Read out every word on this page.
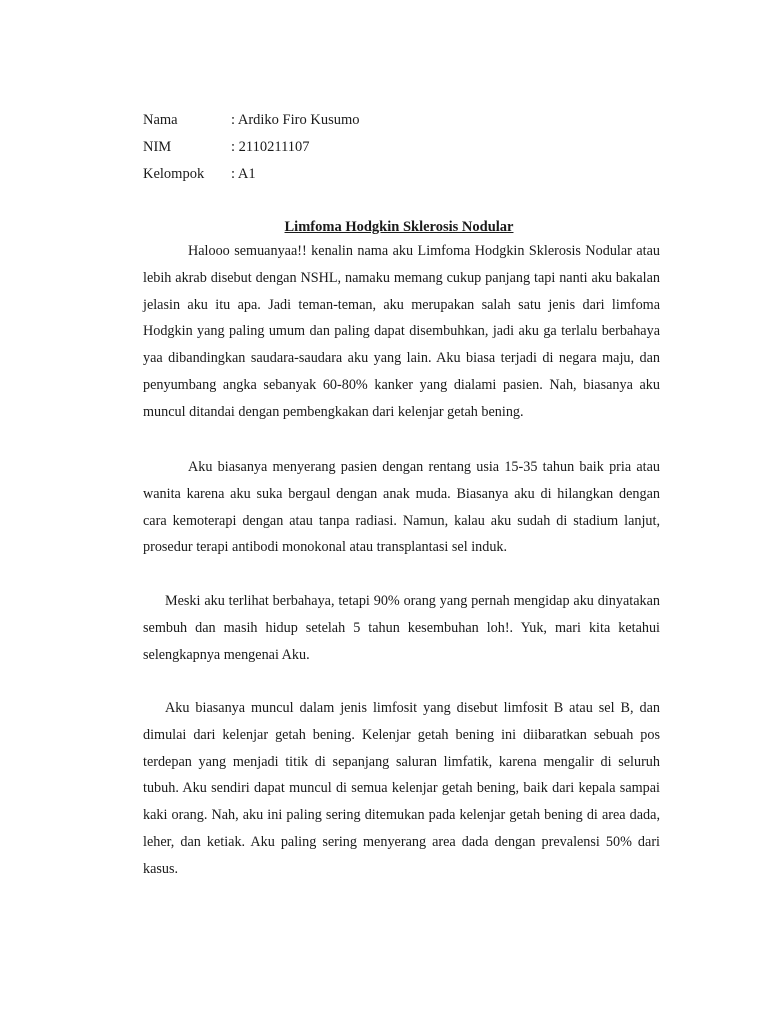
Nama	: Ardiko Firo Kusumo
NIM	: 2110211107
Kelompok : A1
Limfoma Hodgkin Sklerosis Nodular

Halooo semuanyaa!! kenalin nama aku Limfoma Hodgkin Sklerosis Nodular atau lebih akrab disebut dengan NSHL, namaku memang cukup panjang tapi nanti aku bakalan jelasin aku itu apa. Jadi teman-teman, aku merupakan salah satu jenis dari limfoma Hodgkin yang paling umum dan paling dapat disembuhkan, jadi aku ga terlalu berbahaya yaa dibandingkan saudara-saudara aku yang lain. Aku biasa terjadi di negara maju, dan penyumbang angka sebanyak 60-80% kanker yang dialami pasien. Nah, biasanya aku muncul ditandai dengan pembengkakan dari kelenjar getah bening.

Aku biasanya menyerang pasien dengan rentang usia 15-35 tahun baik pria atau wanita karena aku suka bergaul dengan anak muda. Biasanya aku di hilangkan dengan cara kemoterapi dengan atau tanpa radiasi. Namun, kalau aku sudah di stadium lanjut, prosedur terapi antibodi monokonal atau transplantasi sel induk.

Meski aku terlihat berbahaya, tetapi 90% orang yang pernah mengidap aku dinyatakan sembuh dan masih hidup setelah 5 tahun kesembuhan loh!. Yuk, mari kita ketahui selengkapnya mengenai Aku.

Aku biasanya muncul dalam jenis limfosit yang disebut limfosit B atau sel B, dan dimulai dari kelenjar getah bening. Kelenjar getah bening ini diibaratkan sebuah pos terdepan yang menjadi titik di sepanjang saluran limfatik, karena mengalir di seluruh tubuh. Aku sendiri dapat muncul di semua kelenjar getah bening, baik dari kepala sampai kaki orang. Nah, aku ini paling sering ditemukan pada kelenjar getah bening di area dada, leher, dan ketiak. Aku paling sering menyerang area dada dengan prevalensi 50% dari kasus.
